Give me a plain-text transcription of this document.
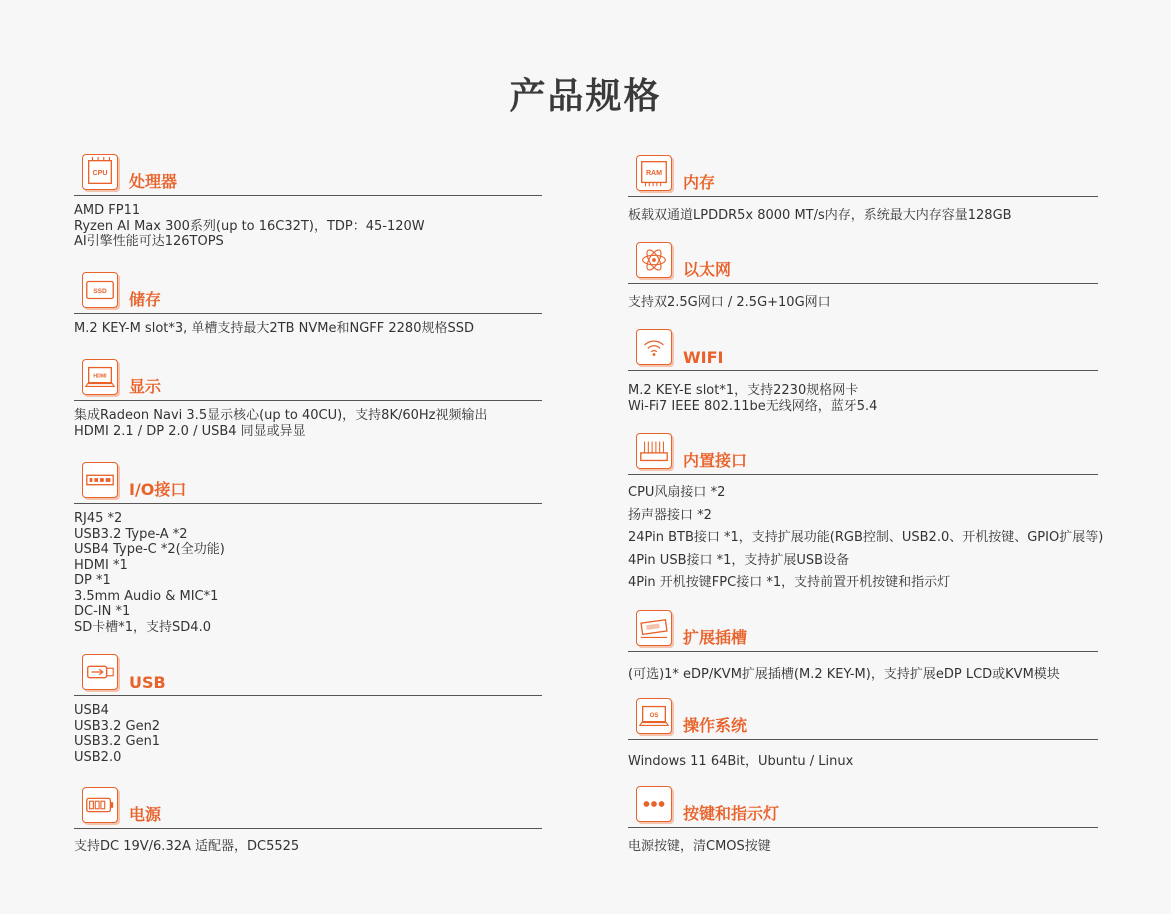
产品规格
CPU 处理器
AMD FP11
Ryzen AI Max 300系列(up to 16C32T)，TDP：45-120W
AI引擎性能可达126TOPS
SSD 储存
M.2 KEY-M slot*3, 单槽支持最大2TB NVMe和NGFF 2280规格SSD
HDMI
显示
集成Radeon Navi 3.5显示核心(up to 40CU)，支持8K/60Hz视频输出
HDMI 2.1 / DP 2.0 / USB4 同显或异显
I/O接口
RJ45 *2
USB3.2 Type-A *2
USB4 Type-C *2(全功能)
HDMI *1
DP *1
3.5mm Audio & MIC*1
DC-IN *1
SD卡槽*1，支持SD4.0
USB
USB4
USB3.2 Gen2
USB3.2 Gen1
USB2.0
电源
支持DC 19V/6.32A 适配器，DC5525
RAM
内存
板载双通道LPDDR5x 8000 MT/s内存，系统最大内存容量128GB
以太网
支持双2.5G网口 / 2.5G+10G网口
WIFI
M.2 KEY-E slot*1，支持2230规格网卡
Wi-Fi7 IEEE 802.11be无线网络，蓝牙5.4
内置接口
CPU风扇接口 *2
扬声器接口 *2
24Pin BTB接口 *1，支持扩展功能(RGB控制、USB2.0、开机按键、GPIO扩展等)
4Pin USB接口 *1，支持扩展USB设备
4Pin 开机按键FPC接口 *1，支持前置开机按键和指示灯
扩展插槽
(可选)1* eDP/KVM扩展插槽(M.2 KEY-M)，支持扩展eDP LCD或KVM模块
OS
操作系统
Windows 11 64Bit，Ubuntu / Linux
按键和指示灯
电源按键，清CMOS按键
